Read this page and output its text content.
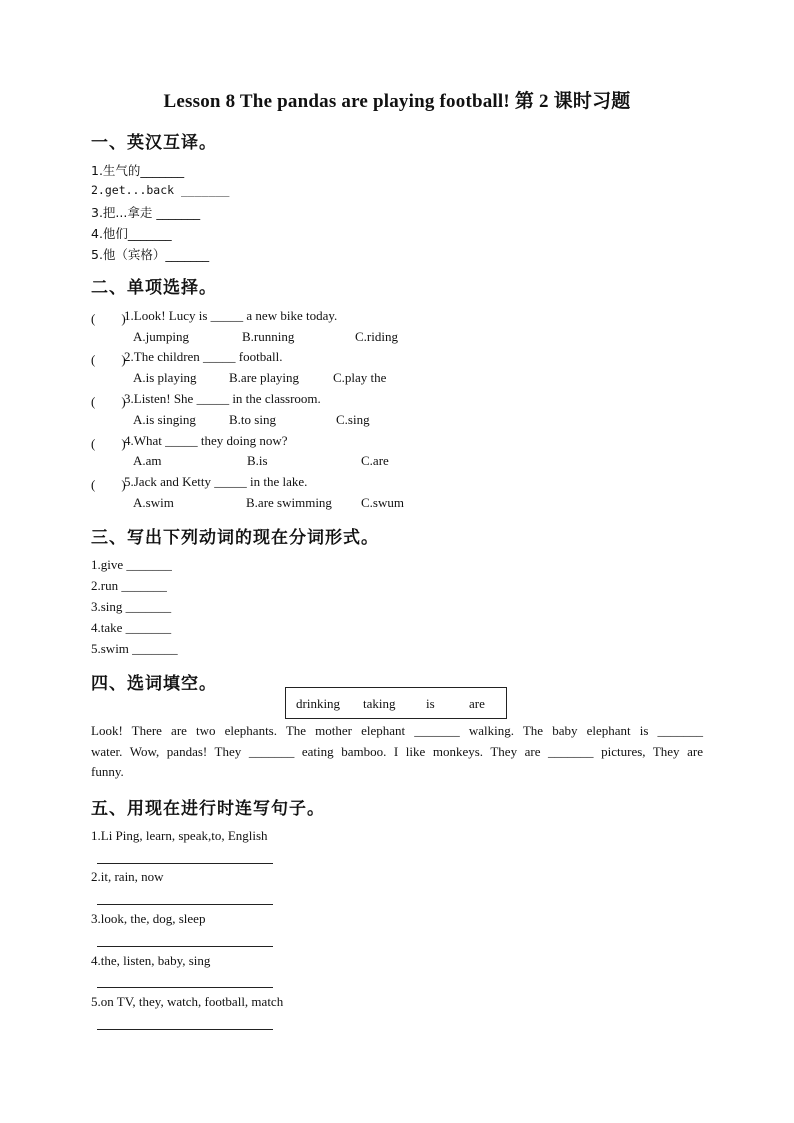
Lesson 8 The pandas are playing football! 第 2 课时习题
一、英汉互译。
1.生气的_______
2.get...back _______
3.把...拿走 _______
4.他们_______
5.他（宾格）_______
二、单项选择。
(　　)
1.Look! Lucy is _____ a new bike today.
A.jumping	B.running	C.riding
(　　)
2.The children _____ football.
A.is playing B.are playing	C.play the
(　　)
3.Listen! She _____ in the classroom.
A.is singing	B.to sing	C.sing
(　　)
4.What _____ they doing now?
A.am	B.is	C.are
(　　)
5.Jack and Ketty _____ in the lake.
A.swim	B.are swimming C.swum
三、写出下列动词的现在分词形式。
1.give _______
2.run _______
3.sing _______
4.take _______
5.swim _______
四、选词填空。
drinking taking is	are
Look! There are two elephants. The mother elephant _______ walking. The baby elephant is _______
water. Wow, pandas! They _______ eating bamboo. I like monkeys. They are _______ pictures, They are
funny.
五、用现在进行时连写句子。
1.Li Ping, learn, speak,to, English
2.it, rain, now
3.look, the, dog, sleep
4.the, listen, baby, sing
5.on TV, they, watch, football, match
